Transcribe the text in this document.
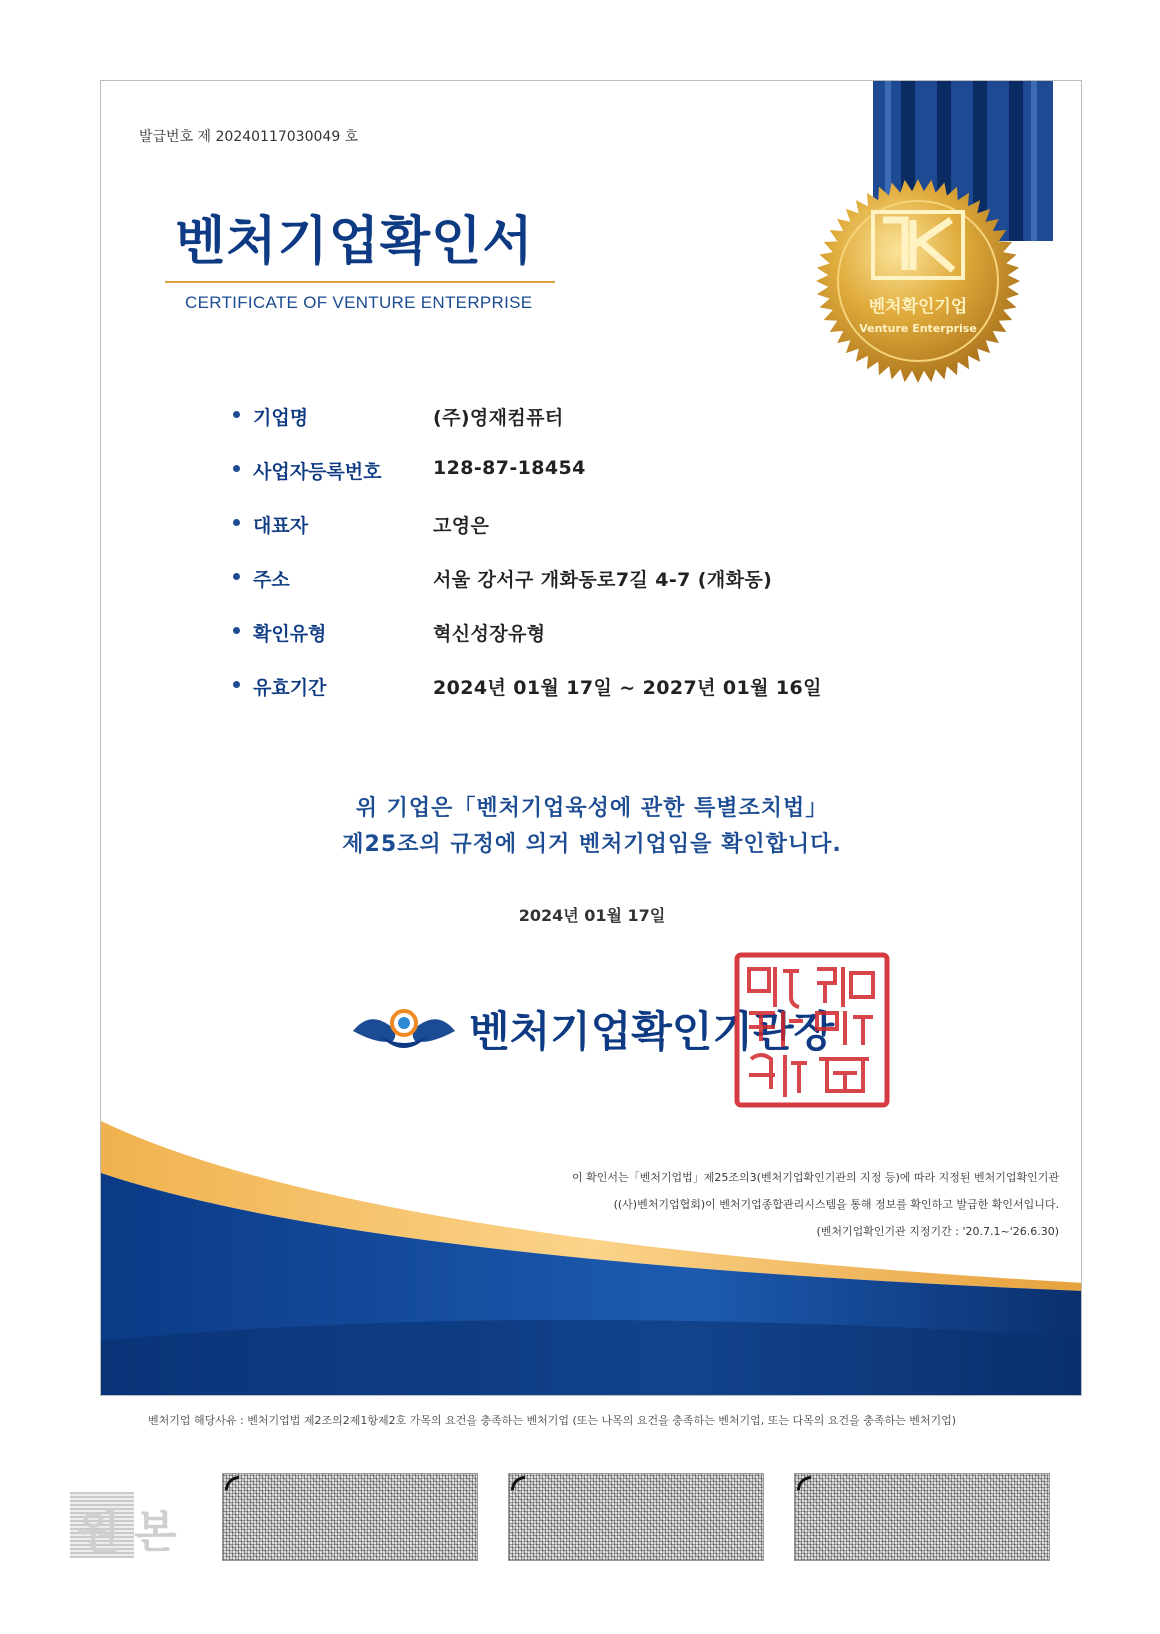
발급번호 제 20240117030049 호
벤처기업확인서
CERTIFICATE OF VENTURE ENTERPRISE	벤처확인기업
Venture Enterprise
기업명	(주)영재컴퓨터
사업자등록번호	128-87-18454
대표자	고영은
주소	서울 강서구 개화동로7길 4-7 (개화동)
확인유형	혁신성장유형
유효기간	2024년 01월 17일 ~ 2027년 01월 16일
위 기업은「벤처기업육성에 관한 특별조치법」
제25조의 규정에 의거 벤처기업임을 확인합니다.
2024년 01월 17일
벤처기업확인기관장
이 확인서는「벤처기업법」제25조의3(벤처기업확인기관의 지정 등)에 따라 지정된 벤처기업확인기관
((사)벤처기업협회)이 벤처기업종합관리시스템을 통해 정보를 확인하고 발급한 확인서입니다.
(벤처기업확인기관 지정기간 : '20.7.1~'26.6.30)
벤처기업 해당사유 : 벤처기업법 제2조의2제1항제2호 가목의 요건을 충족하는 벤처기업 (또는 나목의 요건을 충족하는 벤처기업, 또는 다목의 요건을 충족하는 벤처기업)
원본
